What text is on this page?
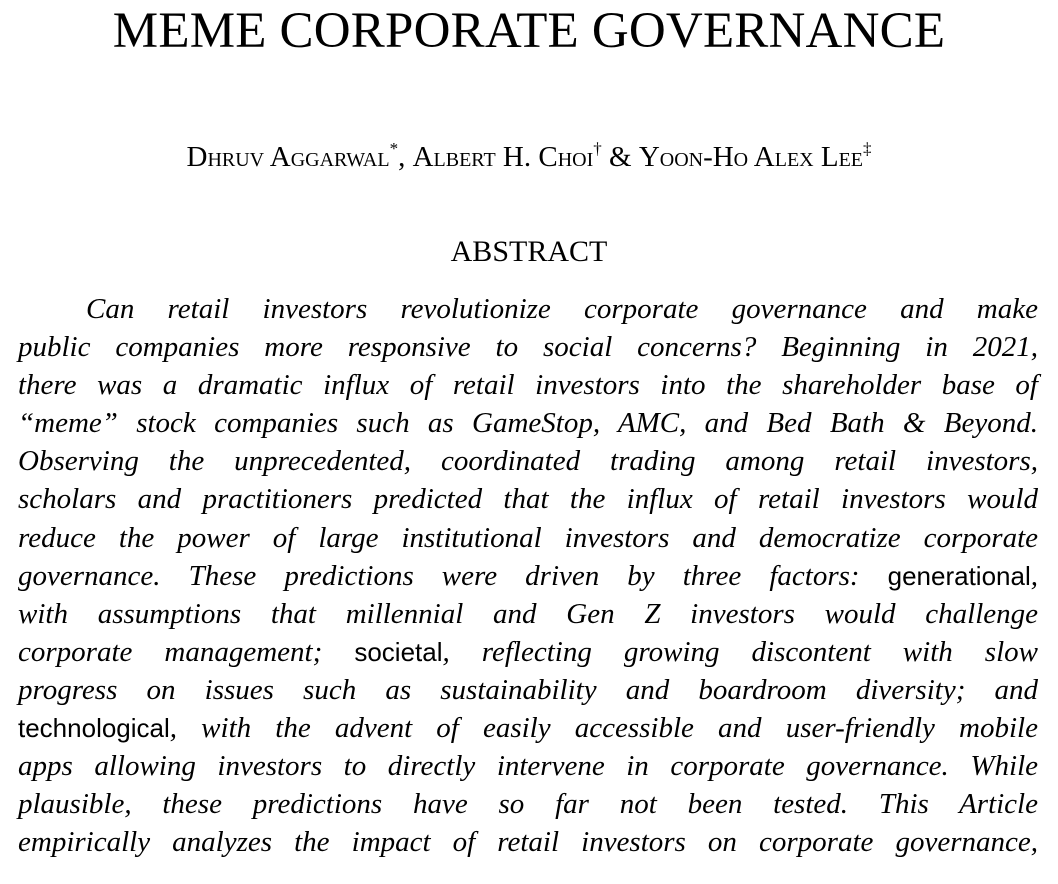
MEME CORPORATE GOVERNANCE

Dhruv Aggarwal*, Albert H. Choi† & Yoon-Ho Alex Lee‡

ABSTRACT
Can retail investors revolutionize corporate governance and make
public companies more responsive to social concerns? Beginning in 2021,
there was a dramatic influx of retail investors into the shareholder base of
“meme” stock companies such as GameStop, AMC, and Bed Bath & Beyond.
Observing the unprecedented, coordinated trading among retail investors,
scholars and practitioners predicted that the influx of retail investors would
reduce the power of large institutional investors and democratize corporate
governance. These predictions were driven by three factors: generational,
with assumptions that millennial and Gen Z investors would challenge
corporate management; societal, reflecting growing discontent with slow
progress on issues such as sustainability and boardroom diversity; and
technological, with the advent of easily accessible and user-friendly mobile
apps allowing investors to directly intervene in corporate governance. While
plausible, these predictions have so far not been tested. This Article
empirically analyzes the impact of retail investors on corporate governance,
